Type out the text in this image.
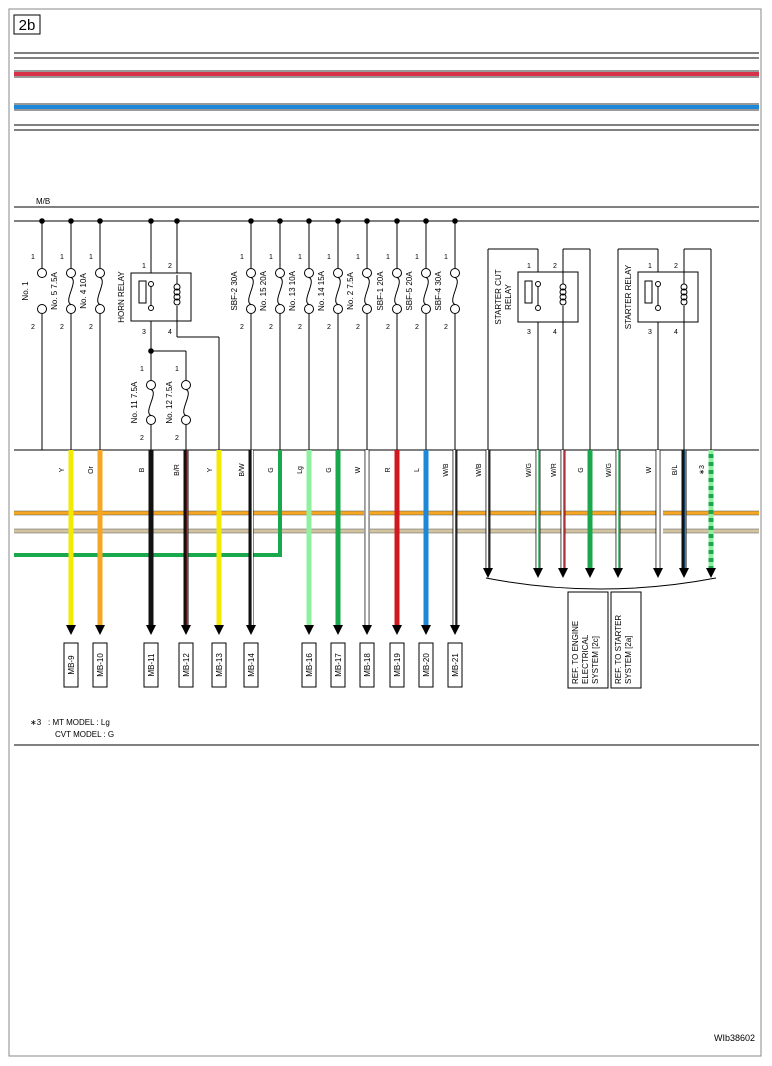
2b
M/B
1
2
No. 1
1
2
No. 5 7.5A
1
2
No. 4 10A
1
2
SBF-2 30A
1
2
No. 15 20A
1
2
No. 13 10A
1
2
No. 14 15A
1
2
No. 2 7.5A
1
2
SBF-1 20A
1
2
SBF-5 20A
1
2
SBF-4 30A
1	2
3	4
HORN RELAY
1
2
No. 11 7.5A
1
2
No. 12 7.5A
1	2
3	4
STARTER CUT RELAY
1	2
3	4
STARTER RELAY
Y	Or	B	B/R	Y	B/W	G	Lg	G	W	R	L	W/B	W/B	W/G	W/R	G	W/G	W	B/L	∗3
MB-9	MB-10	MB-11	MB-12	MB-13	MB-14	MB-16	MB-17	MB-18	MB-19	MB-20	MB-21	REF. TO ENGINE ELECTRICAL SYSTEM [2c] REF. TO STARTER SYSTEM [2a]
∗3 : MT MODEL : Lg
CVT MODEL : G
WIb38602
